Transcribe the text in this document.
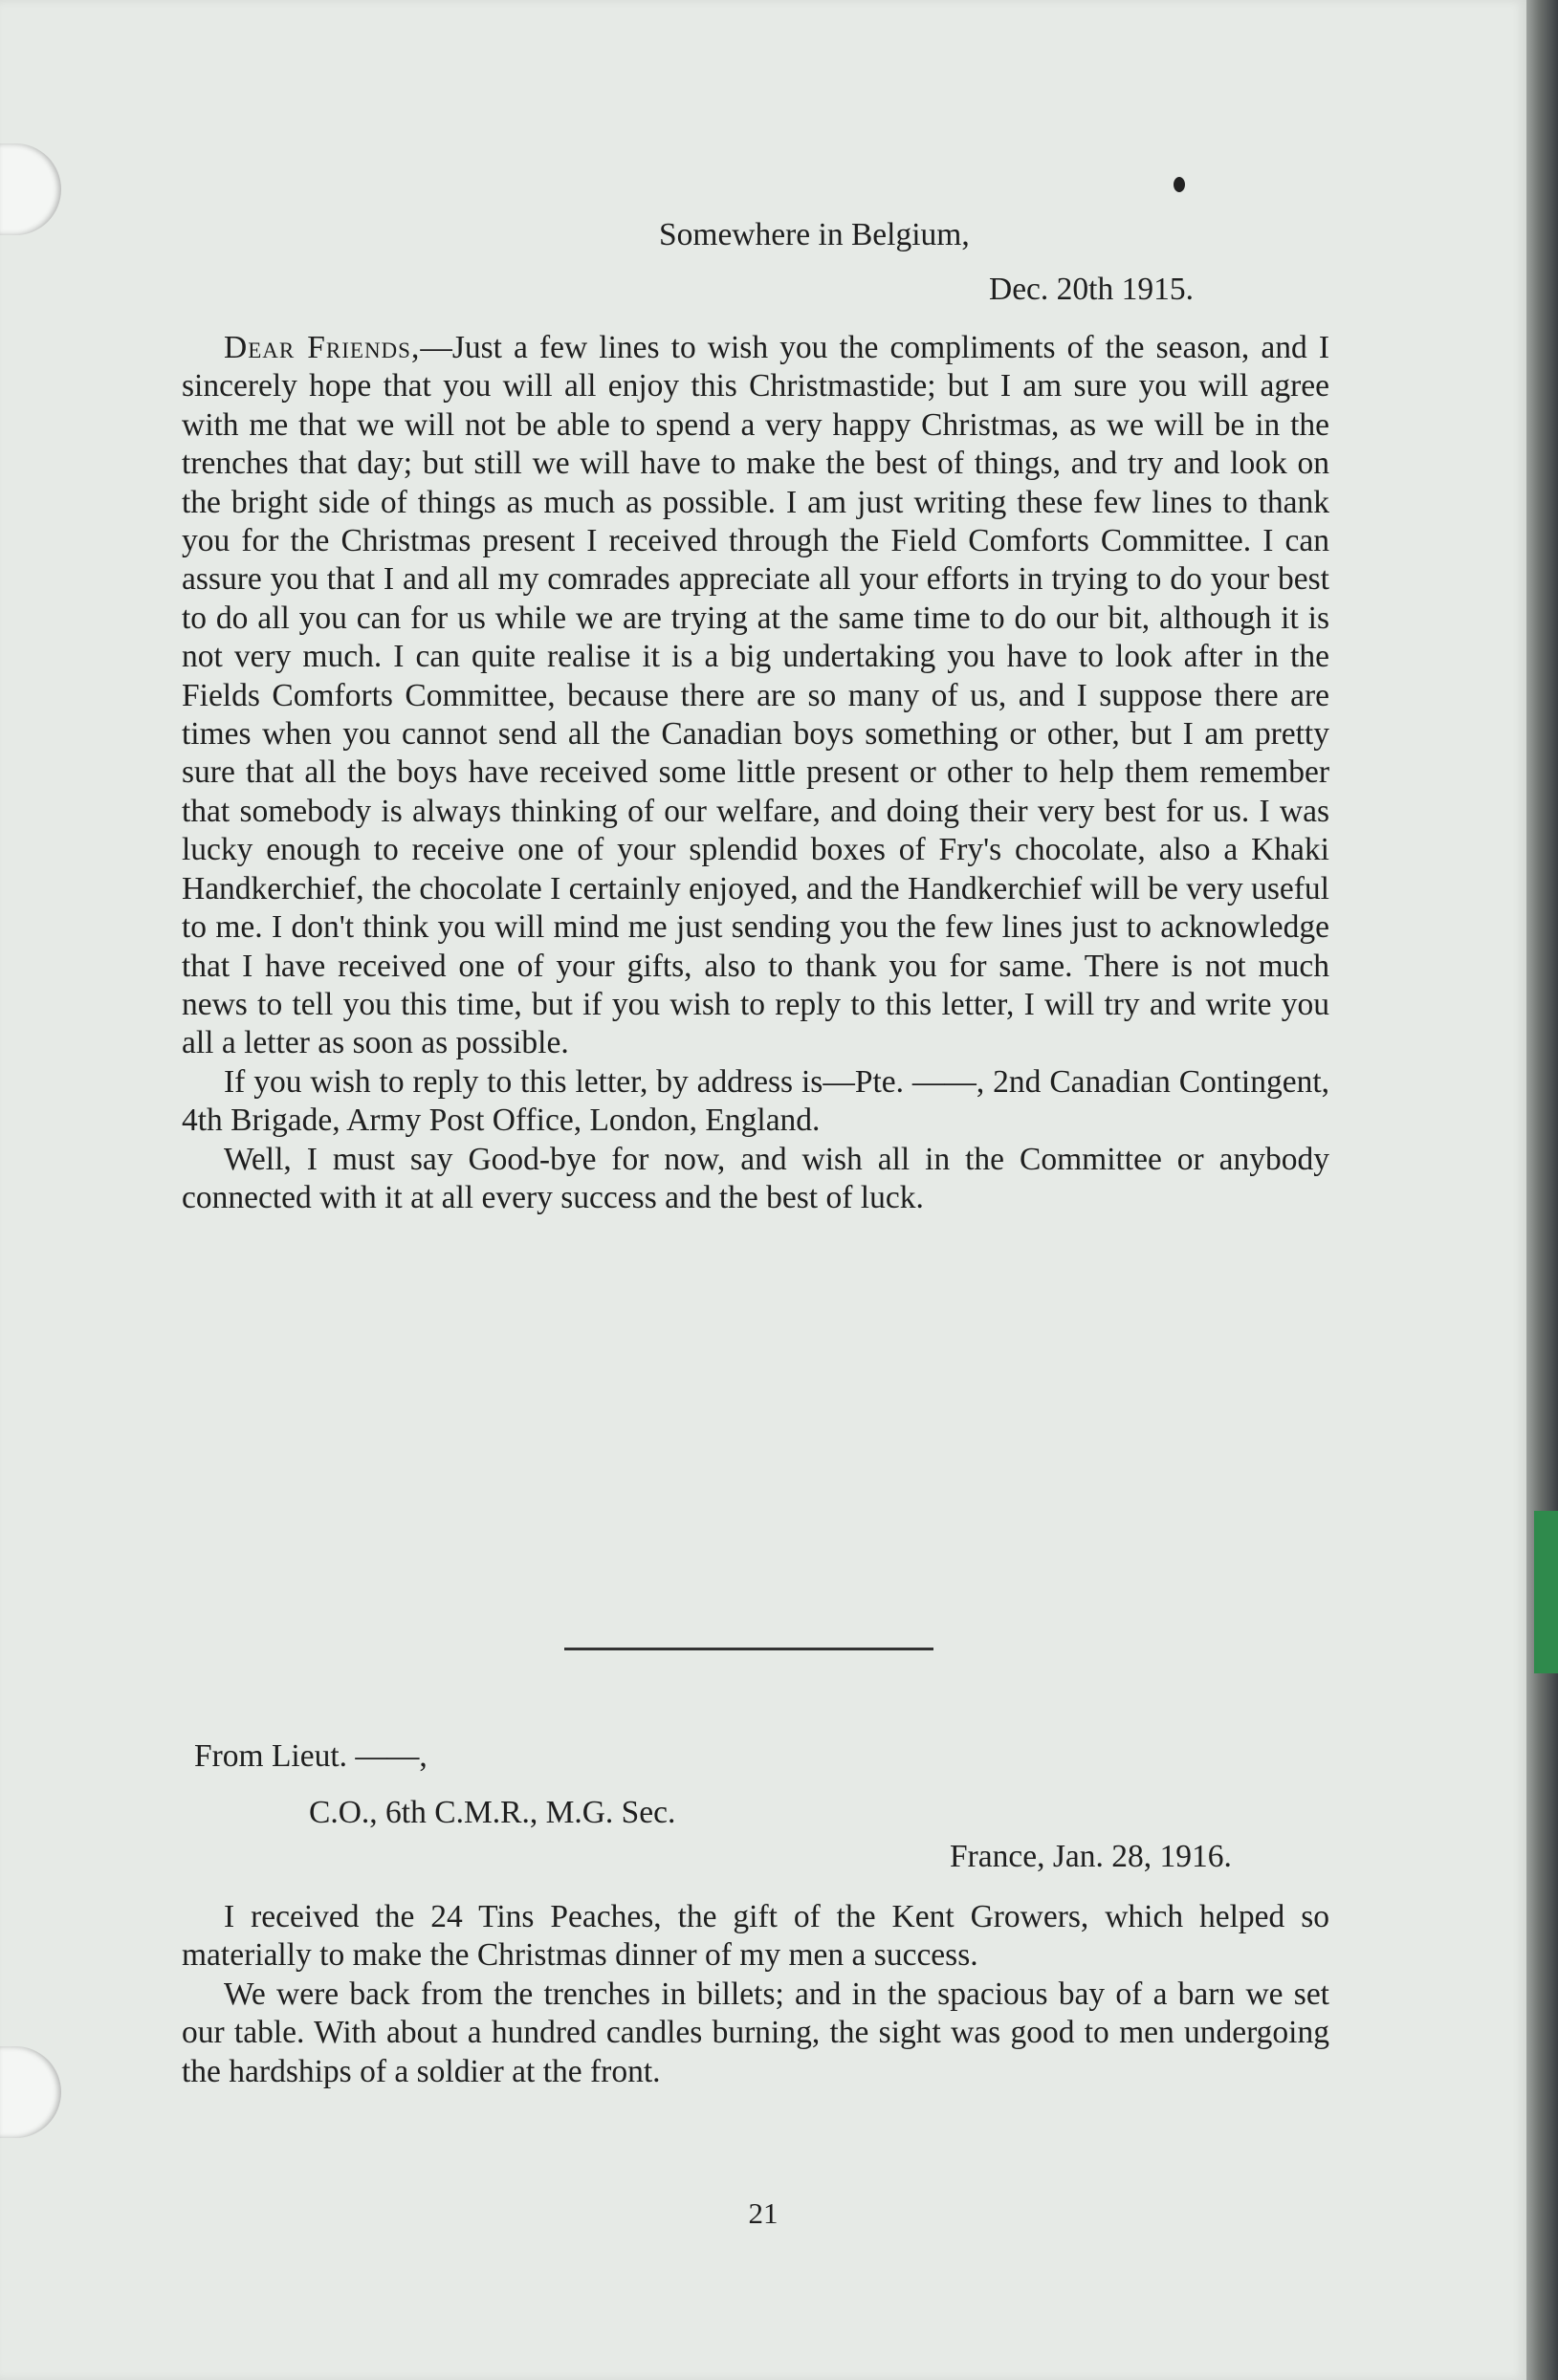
Somewhere in Belgium,
Dec. 20th 1915.

Dear Friends,—Just a few lines to wish you the compliments of the season, and I sincerely hope that you will all enjoy this Christmastide; but I am sure you will agree with me that we will not be able to spend a very happy Christmas, as we will be in the trenches that day; but still we will have to make the best of things, and try and look on the bright side of things as much as possible. I am just writing these few lines to thank you for the Christmas present I received through the Field Comforts Committee. I can assure you that I and all my comrades appreciate all your efforts in trying to do your best to do all you can for us while we are trying at the same time to do our bit, although it is not very much. I can quite realise it is a big undertaking you have to look after in the Fields Comforts Committee, because there are so many of us, and I suppose there are times when you cannot send all the Canadian boys something or other, but I am pretty sure that all the boys have received some little present or other to help them remember that somebody is always thinking of our welfare, and doing their very best for us. I was lucky enough to receive one of your splendid boxes of Fry's chocolate, also a Khaki Handkerchief, the chocolate I certainly enjoyed, and the Handkerchief will be very useful to me. I don't think you will mind me just sending you the few lines just to acknowledge that I have received one of your gifts, also to thank you for same. There is not much news to tell you this time, but if you wish to reply to this letter, I will try and write you all a letter as soon as possible.

If you wish to reply to this letter, by address is—Pte. ——, 2nd Canadian Contingent, 4th Brigade, Army Post Office, London, England.

Well, I must say Good-bye for now, and wish all in the Committee or anybody connected with it at all every success and the best of luck.

From Lieut. ——,
C.O., 6th C.M.R., M.G. Sec.
France, Jan. 28, 1916.

I received the 24 Tins Peaches, the gift of the Kent Growers, which helped so materially to make the Christmas dinner of my men a success.

We were back from the trenches in billets; and in the spacious bay of a barn we set our table. With about a hundred candles burning, the sight was good to men undergoing the hardships of a soldier at the front.

21
